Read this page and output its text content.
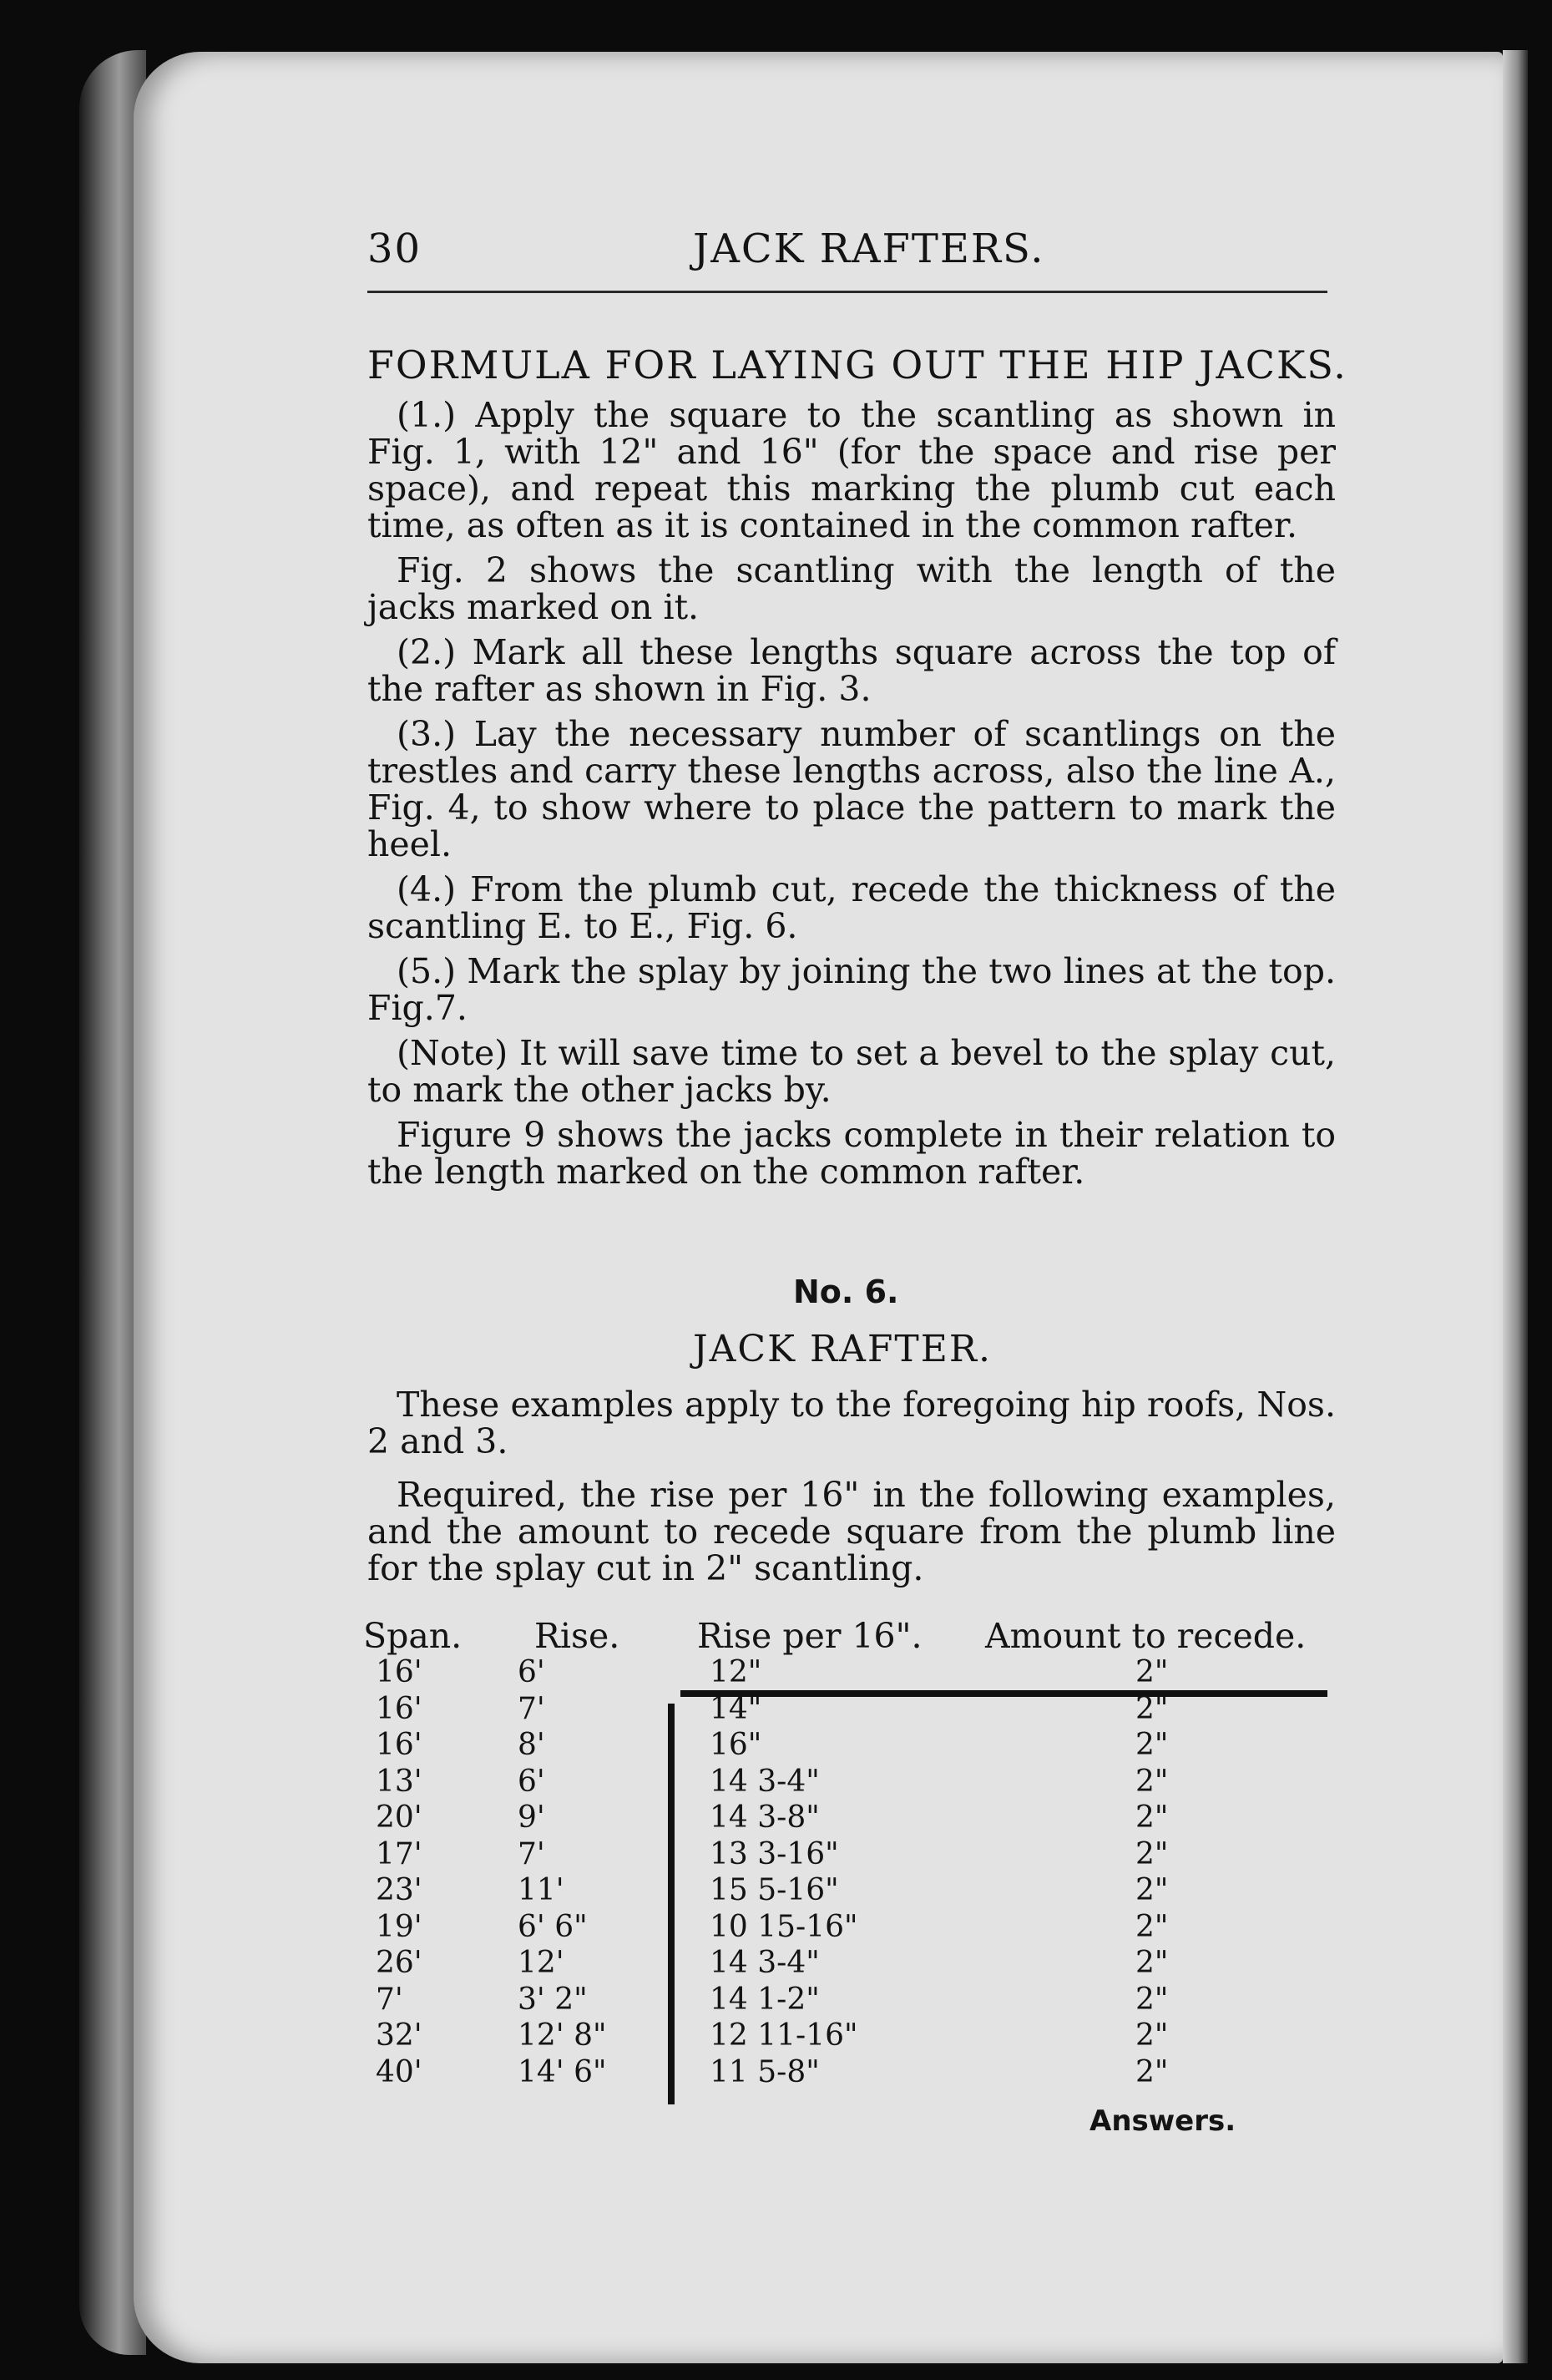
30	JACK RAFTERS.
FORMULA FOR LAYING OUT THE HIP JACKS.

(1.) Apply the square to the scantling as shown in Fig. 1, with 12" and 16" (for the space and rise per space), and repeat this marking the plumb cut each time, as often as it is contained in the common rafter.

Fig. 2 shows the scantling with the length of the jacks marked on it.

(2.) Mark all these lengths square across the top of the rafter as shown in Fig. 3.

(3.) Lay the necessary number of scantlings on the trestles and carry these lengths across, also the line A., Fig. 4, to show where to place the pattern to mark the heel.

(4.) From the plumb cut, recede the thickness of the scantling E. to E., Fig. 6.

(5.) Mark the splay by joining the two lines at the top. Fig.7.

(Note) It will save time to set a bevel to the splay cut, to mark the other jacks by.

Figure 9 shows the jacks complete in their relation to the length marked on the common rafter.

No. 6.
JACK RAFTER.

These examples apply to the foregoing hip roofs, Nos. 2 and 3.

Required, the rise per 16" in the following examples, and the amount to recede square from the plumb line for the splay cut in 2" scantling.

Span. Rise. Rise per 16". Amount to recede.
16'	6'	12"	2"
16'	7'	14"	2"
16'	8'	16"	2"
13'	6'	14 3-4"	2"
20'	9'	14 3-8"	2"
17'	7'	13 3-16"	2"
23'	11'	15 5-16"	2"
19'	6' 6"	10 15-16"	2"
26'	12'	14 3-4"	2"
7'	3' 2"	14 1-2"	2"
32'	12' 8"	12 11-16"	2"
40'	14' 6"	11 5-8"	2"
Answers.
